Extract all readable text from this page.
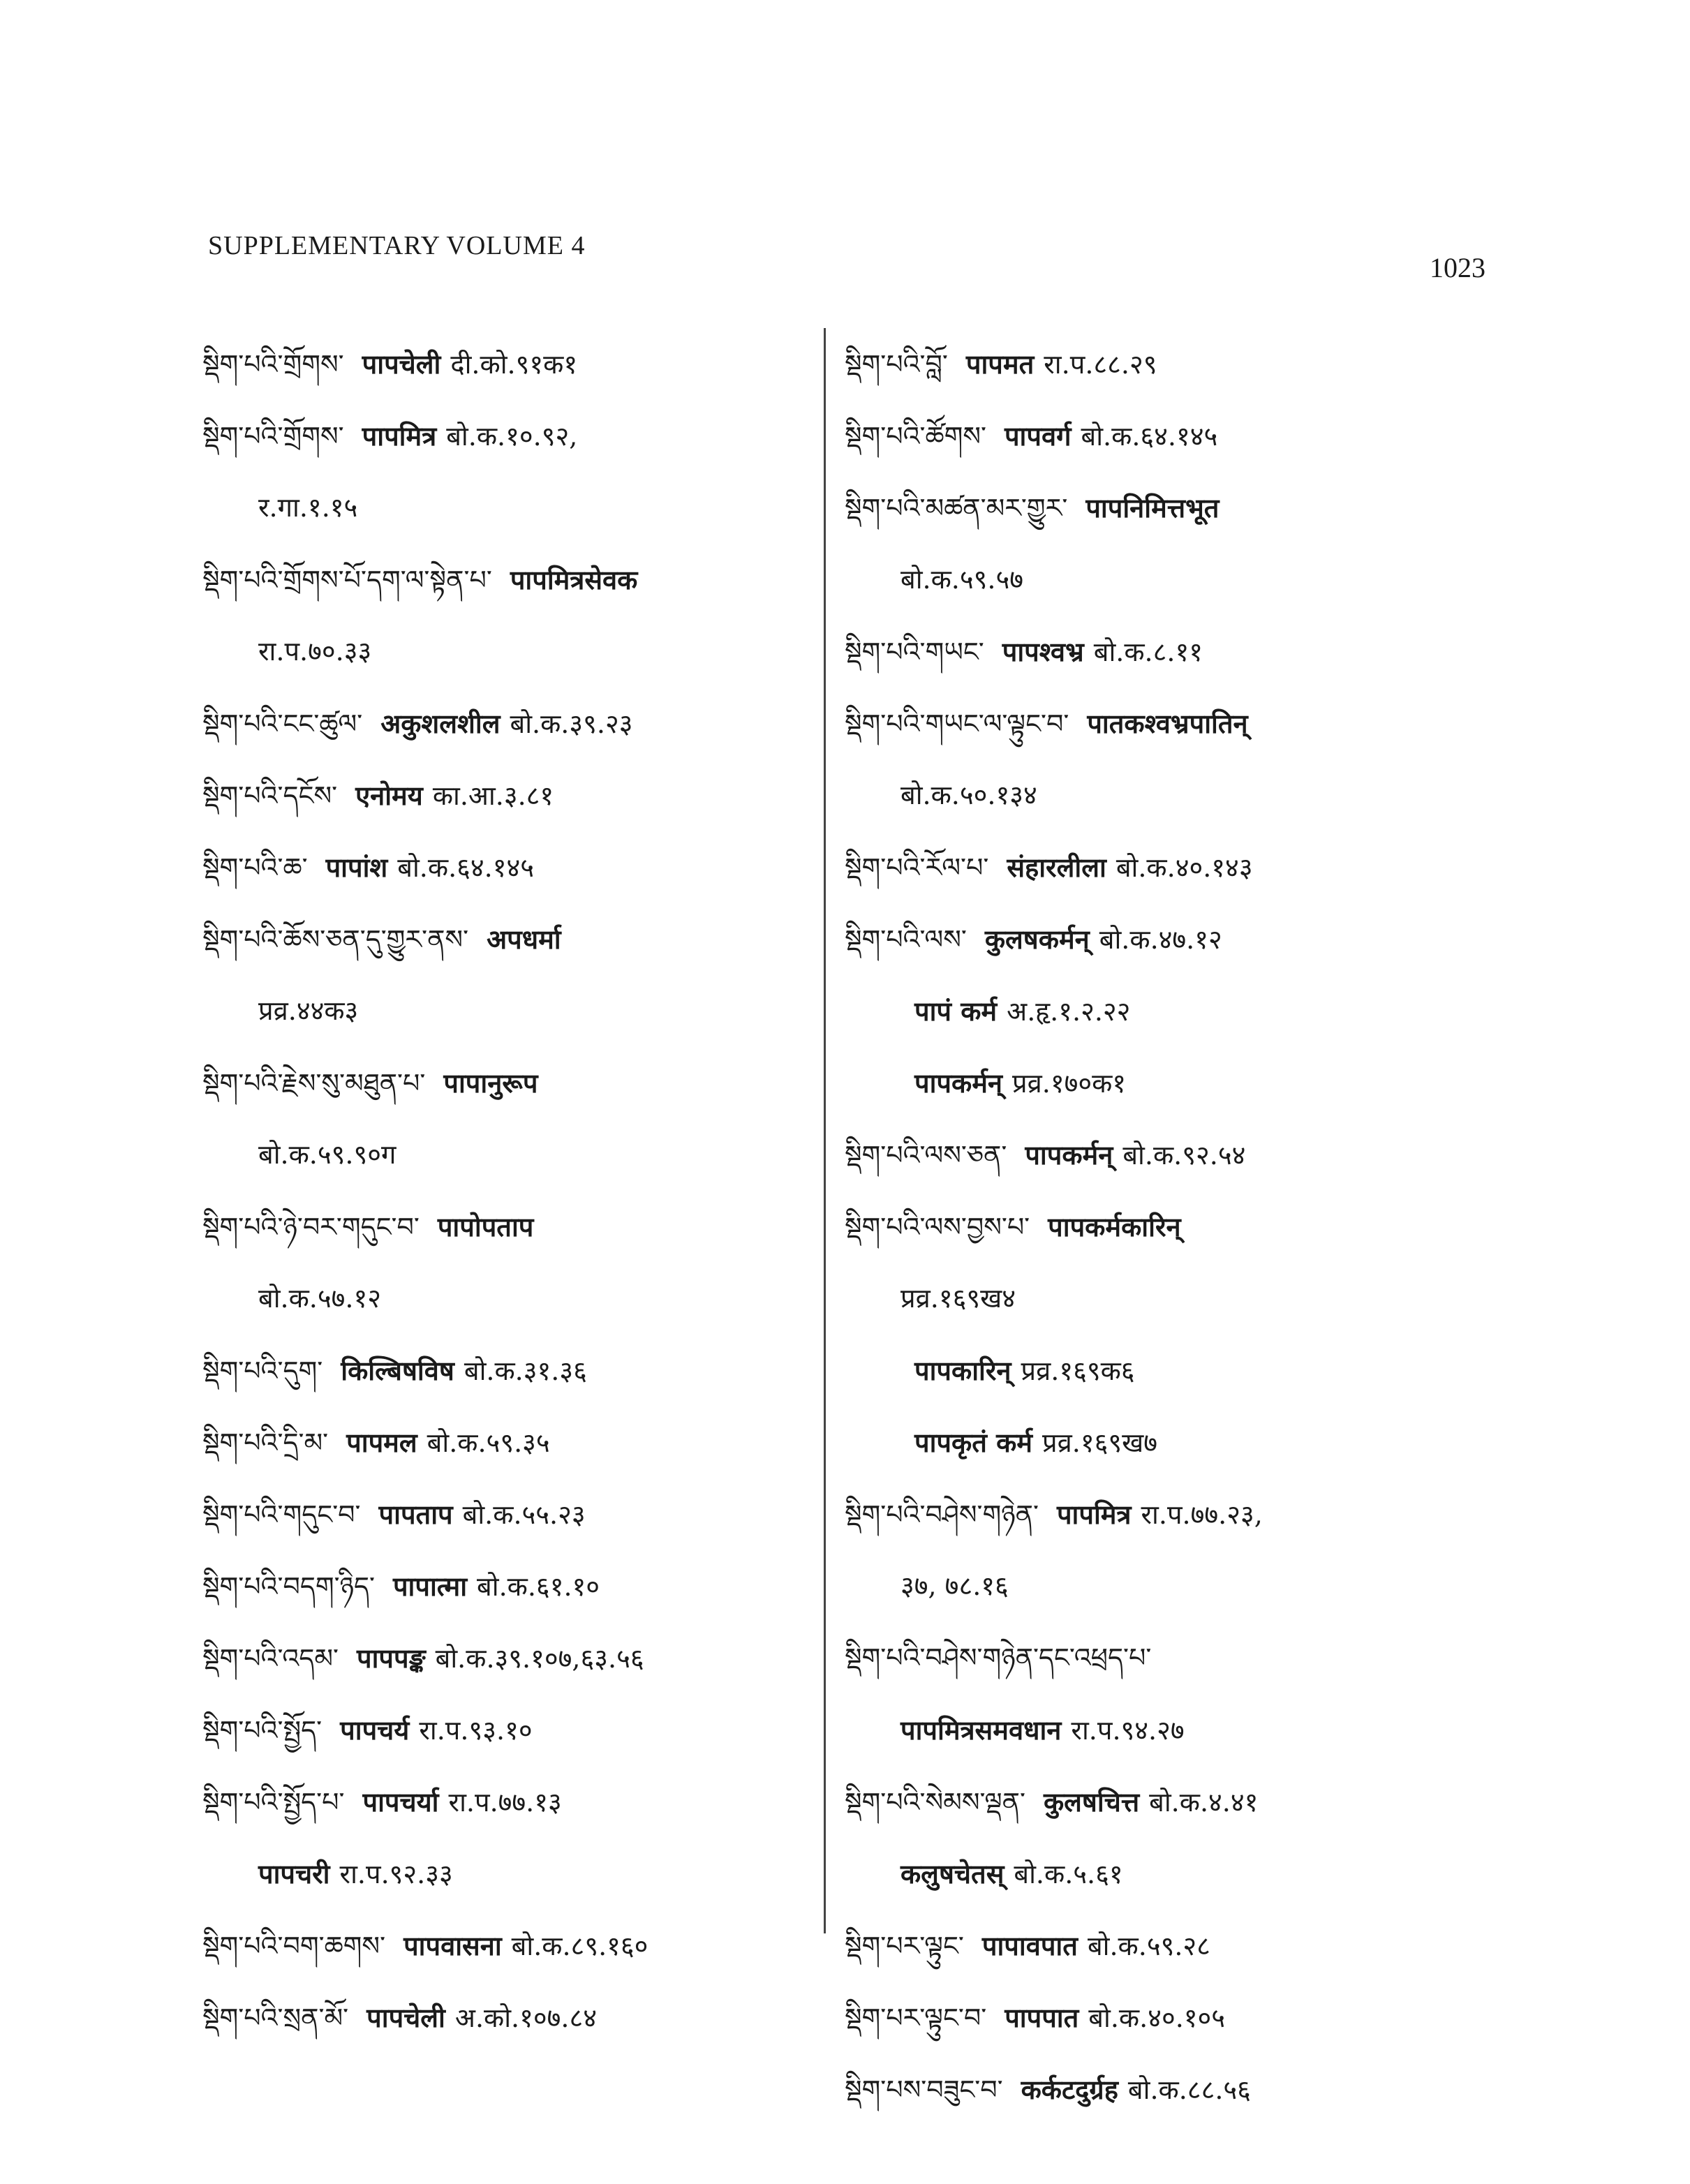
SUPPLEMENTARY VOLUME 4
1023
སྡིག་པའི་གྲོགས་ पापचेली दी.को.९१क१
སྡིག་པའི་གྲོགས་ पापमित्र बो.क.१०.९२,
र.गा.१.१५
སྡིག་པའི་གྲོགས་པོ་དག་ལ་སྟེན་པ་ पापमित्रसेवक
रा.प.७०.३३
སྡིག་པའི་ངང་ཚུལ་ अकुशलशील बो.क.३९.२३
སྡིག་པའི་དངོས་ एनोमय का.आ.३.८१
སྡིག་པའི་ཆ་ पापांश बो.क.६४.१४५
སྡིག་པའི་ཆོས་ཅན་དུ་གྱུར་ནས་ अपधर्मा
प्रव्र.४४क३
སྡིག་པའི་རྗེས་སུ་མཐུན་པ་ पापानुरूप
बो.क.५९.९०ग
སྡིག་པའི་ཉེ་བར་གདུང་བ་ पापोपताप
बो.क.५७.१२
སྡིག་པའི་དུག་ किल्बिषविष बो.क.३१.३६
སྡིག་པའི་དྲི་མ་ पापमल बो.क.५९.३५
སྡིག་པའི་གདུང་བ་ पापताप बो.क.५५.२३
སྡིག་པའི་བདག་ཉིད་ पापात्मा बो.क.६१.१०
སྡིག་པའི་འདམ་ पापपङ्क बो.क.३९.१०७,६३.५६
སྡིག་པའི་སྤྱོད་ पापचर्य रा.प.९३.१०
སྡིག་པའི་སྤྱོད་པ་ पापचर्या रा.प.७७.१३
पापचरी रा.प.९२.३३
སྡིག་པའི་བག་ཆགས་ पापवासना बो.क.८९.१६०
སྡིག་པའི་སྲན་མོ་ पापचेली अ.को.१०७.८४
སྡིག་པའི་བློ་ पापमत रा.प.८८.२९
སྡིག་པའི་ཚོགས་ पापवर्ग बो.क.६४.१४५
སྡིག་པའི་མཚན་མར་གྱུར་ पापनिमित्तभूत
बो.क.५९.५७
སྡིག་པའི་གཡང་ पापश्वभ्र बो.क.८.११
སྡིག་པའི་གཡང་ལ་ལྟུང་བ་ पातकश्वभ्रपातिन्
बो.क.५०.१३४
སྡིག་པའི་རོལ་པ་ संहारलीला बो.क.४०.१४३
སྡིག་པའི་ལས་ कुलषकर्मन् बो.क.४७.१२
पापं कर्म अ.हृ.१.२.२२
पापकर्मन् प्रव्र.१७०क१
སྡིག་པའི་ལས་ཅན་ पापकर्मन् बो.क.९२.५४
སྡིག་པའི་ལས་བྱས་པ་ पापकर्मकारिन्
प्रव्र.१६९ख४
पापकारिन् प्रव्र.१६९क६
पापकृतं कर्म प्रव्र.१६९ख७
སྡིག་པའི་བཤེས་གཉེན་ पापमित्र रा.प.७७.२३,
३७, ७८.१६
སྡིག་པའི་བཤེས་གཉེན་དང་འཕྲད་པ་
पापमित्रसमवधान रा.प.९४.२७
སྡིག་པའི་སེམས་ལྡན་ कुलषचित्त बो.क.४.४१
कलुषचेतस् बो.क.५.६१
སྡིག་པར་ལྟུང་ पापावपात बो.क.५९.२८
སྡིག་པར་ལྟུང་བ་ पापपात बो.क.४०.१०५
སྡིག་པས་བཟུང་བ་ कर्कटदुर्ग्रह बो.क.८८.५६
